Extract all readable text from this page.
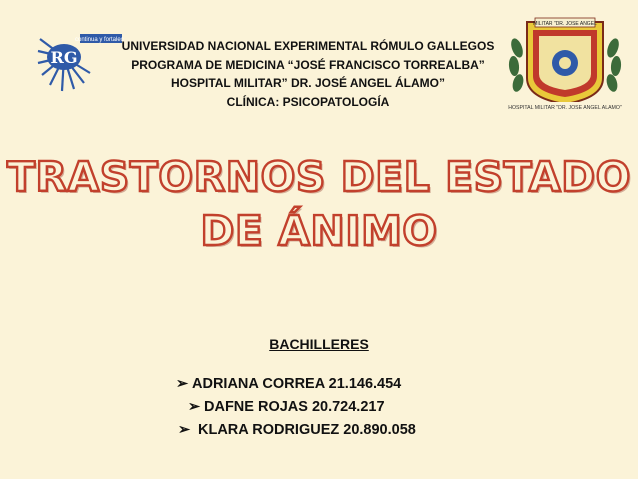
RG
continua y fortalece
UNIVERSIDAD NACIONAL EXPERIMENTAL RÓMULO GALLEGOS
PROGRAMA DE MEDICINA “JOSÉ FRANCISCO TORREALBA”
HOSPITAL MILITAR” DR. JOSÉ ANGEL ÁLAMO”
CLÍNICA: PSICOPATOLOGÍA
MILITAR "DR. JOSE ANGEL
HOSPITAL MILITAR "DR. JOSE ANGEL ALAMO"
TRASTORNOS DEL ESTADO
DE ÁNIMO
BACHILLERES
➢ ADRIANA CORREA 21.146.454
➢ DAFNE ROJAS 20.724.217
➢ KLARA RODRIGUEZ 20.890.058
